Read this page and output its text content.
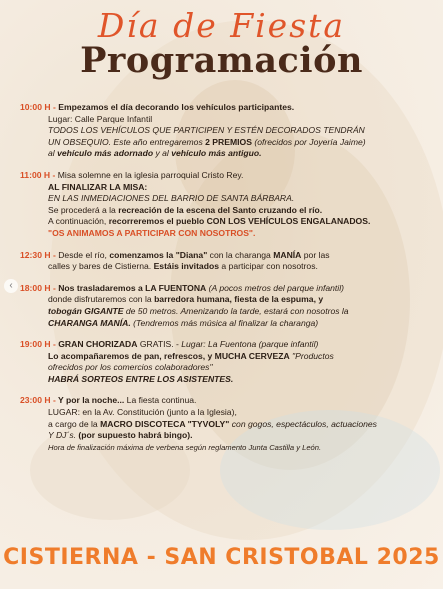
‹
Día de Fiesta
Programación
10:00 H - Empezamos el día decorando los vehículos participantes.
Lugar: Calle Parque Infantil
TODOS LOS VEHÍCULOS QUE PARTICIPEN Y ESTÉN DECORADOS TENDRÁN
UN OBSEQUIO. Este año entregaremos 2 PREMIOS (ofrecidos por Joyería Jaime)
al vehículo más adornado y al vehículo más antiguo.
11:00 H - Misa solemne en la iglesia parroquial Cristo Rey.
AL FINALIZAR LA MISA:
EN LAS INMEDIACIONES DEL BARRIO DE SANTA BÁRBARA.
Se procederá a la recreación de la escena del Santo cruzando el río.
A continuación, recorreremos el pueblo CON LOS VEHÍCULOS ENGALANADOS.
"OS ANIMAMOS A PARTICIPAR CON NOSOTROS".
12:30 H - Desde el río, comenzamos la "Diana" con la charanga MANÍA por las
calles y bares de Cistierna. Estáis invitados a participar con nosotros.
18:00 H - Nos trasladaremos a LA FUENTONA (A pocos metros del parque infantil)
donde disfrutaremos con la barredora humana, fiesta de la espuma, y
tobogán GIGANTE de 50 metros. Amenizando la tarde, estará con nosotros la
CHARANGA MANÍA. (Tendremos más música al finalizar la charanga)
19:00 H - GRAN CHORIZADA GRATIS. - Lugar: La Fuentona (parque infantil)
Lo acompañaremos de pan, refrescos, y MUCHA CERVEZA "Productos
ofrecidos por los comercios colaboradores"
HABRÁ SORTEOS ENTRE LOS ASISTENTES.
23:00 H - Y por la noche... La fiesta continua.
LUGAR: en la Av. Constitución (junto a la Iglesia),
a cargo de la MACRO DISCOTECA "TYVOLY" con gogos, espectáculos, actuaciones
Y DJ´s. (por supuesto habrá bingo).
Hora de finalización máxima de verbena según reglamento Junta Castilla y León.
CISTIERNA - SAN CRISTOBAL 2025
